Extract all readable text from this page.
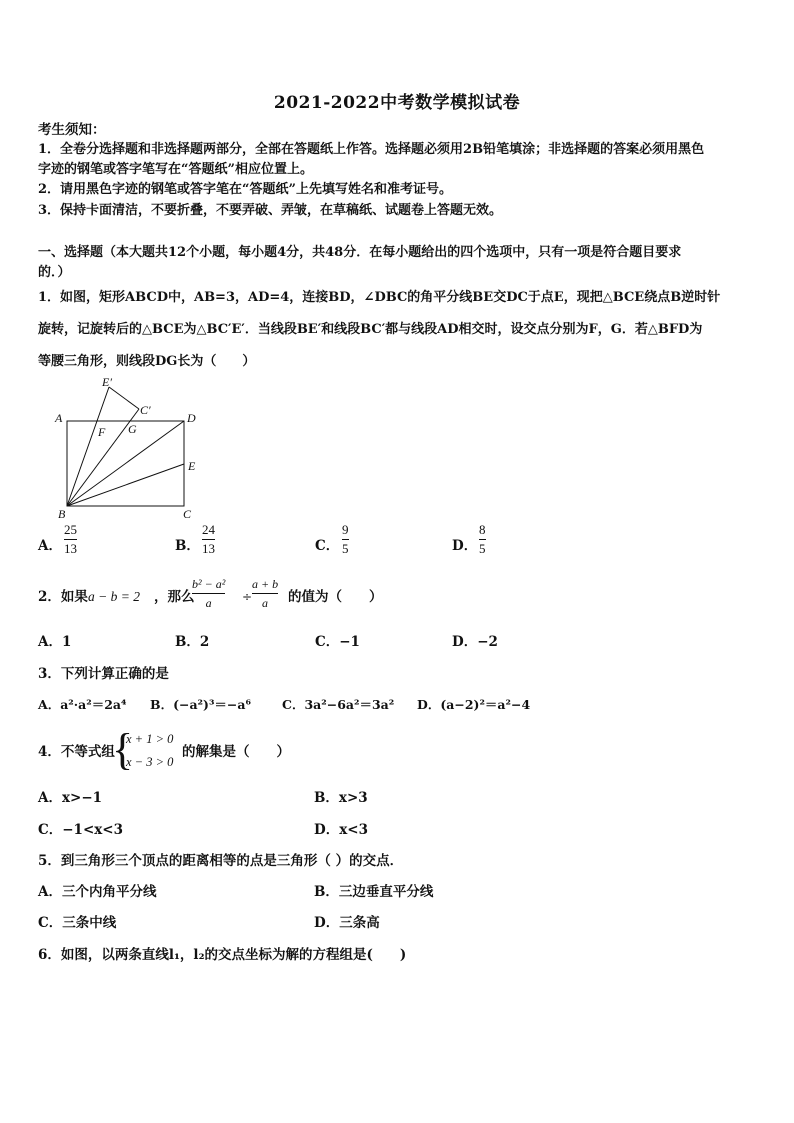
2021-2022中考数学模拟试卷
考生须知：
1．全卷分选择题和非选择题两部分，全部在答题纸上作答。选择题必须用2B铅笔填涂；非选择题的答案必须用黑色
字迹的钢笔或答字笔写在“答题纸”相应位置上。
2．请用黑色字迹的钢笔或答字笔在“答题纸”上先填写姓名和准考证号。
3．保持卡面清洁，不要折叠，不要弄破、弄皱，在草稿纸、试题卷上答题无效。
一、选择题（本大题共12个小题，每小题4分，共48分．在每小题给出的四个选项中，只有一项是符合题目要求
的．）
1．如图，矩形ABCD中，AB=3，AD=4，连接BD，∠DBC的角平分线BE交DC于点E，现把△BCE绕点B逆时针
旋转，记旋转后的△BCE为△BC′E′．当线段BE′和线段BC′都与线段AD相交时，设交点分别为F，G．若△BFD为
等腰三角形，则线段DG长为（　　）
E′
C′
A
F G
D
E
B	C
A．
25
13	B．
24
13	C．
9
5	D．
8
5
2．如果 a − b = 2 ，那么
b² − a²
a	÷
a + b
a 的值为（　　）
A．1	B．2	C．−1	D．−2
3．下列计算正确的是
A．a²·a²＝2a⁴ B．(−a²)³＝−a⁶ C．3a²−6a²＝3a² D．(a−2)²＝a²−4
4．不等式组
{
x + 1 > 0
x − 3 > 0
的解集是（　　）
A．x>−1	B．x>3
C．−1<x<3	D．x<3
5．到三角形三个顶点的距离相等的点是三角形（ ）的交点．
A．三个内角平分线	B．三边垂直平分线
C．三条中线	D．三条高
6．如图，以两条直线l₁，l₂的交点坐标为解的方程组是(　　)
